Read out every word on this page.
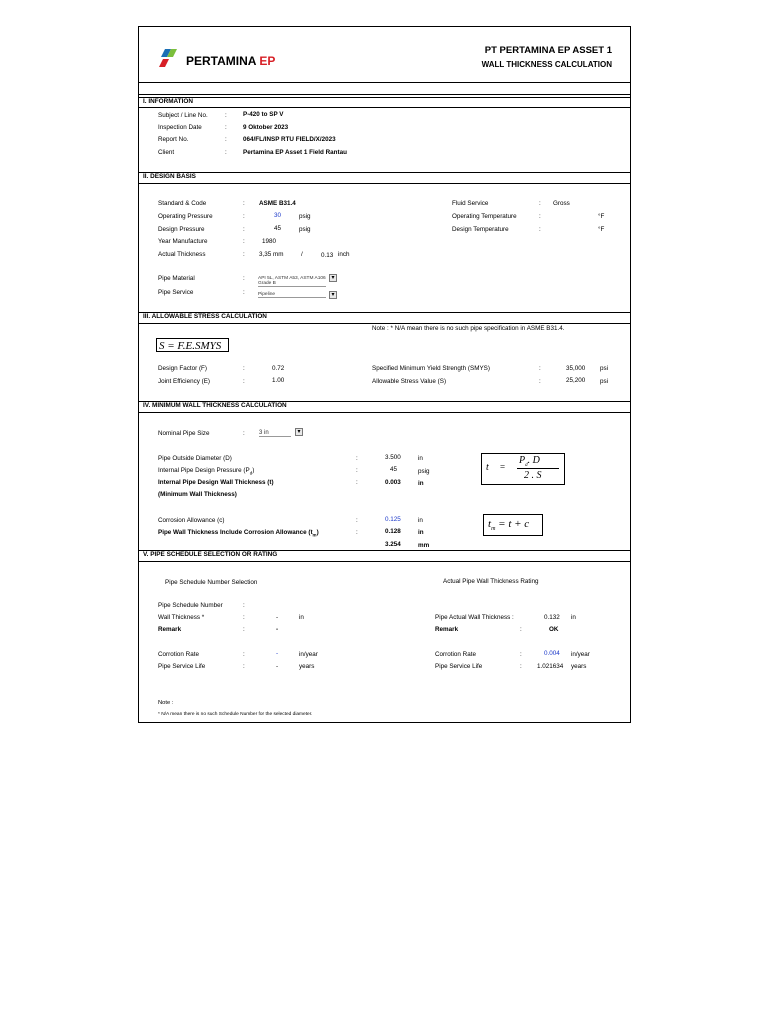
PERTAMINA EP
PT PERTAMINA EP ASSET 1
WALL THICKNESS CALCULATION
I. INFORMATION
Subject / Line No.	:	P-420 to SP V
Inspection Date	:	9 Oktober 2023
Report No.	:	064/FL/INSP RTU FIELD/X/2023
Client	:	Pertamina EP Asset 1 Field Rantau
II. DESIGN BASIS
Standard & Code	: ASME B31.4
Operating Pressure	:	30	psig
Design Pressure	:	45	psig
Year Manufacture	:	1980
Actual Thickness	: 3,35 mm	/	0.13 inch
Fluid Service	: Gross
Operating Temperature	:	°F
Design Temperature	:	°F
Pipe Material	:	API 5L, ASTM A53, ASTM A106 Grade B
▾
Pipe Service	:	Pipeline	▾
III. ALLOWABLE STRESS CALCULATION
Note : * N/A mean there is no such pipe specification in ASME B31.4.
S = F.E.SMYS
Design Factor (F)	:	0.72
Joint Efficiency (E)	:	1.00
Specified Minimum Yield Strength (SMYS)	:	35,000 psi
Allowable Stress Value (S)	:	25,200 psi
IV. MINIMUM WALL THICKNESS CALCULATION
Nominal Pipe Size	: 3 in	▾
Pipe Outside Diameter (D)	:	3.500	in
Internal Pipe Design Pressure $(P_d)$	:	45	psig
Internal Pipe Design Wall Thickness (t)	:	0.003	in
(Minimum Wall Thickness)
t =
$P_d$. D
2 . S
Corrosion Allowance (c)	:	0.125	in
Pipe Wall Thickness Include Corrosion Allowance $(t_m)$	:	0.128	in
3.254	mm
$t_m = t + c$
V. PIPE SCHEDULE SELECTION OR RATING
Pipe Schedule Number Selection	Actual Pipe Wall Thickness Rating
Pipe Schedule Number	:
Wall Thickness *	:	-	in
Remark	:	-
Corrotion Rate	:	-	in/year
Pipe Service Life	:	-	years
Pipe Actual Wall Thickness :	0.132 in
Remark	:	OK
Corrotion Rate	:	0.004 in/year
Pipe Service Life	: 1.021634 years
Note :
* N/A mean there is no such Schedule Number for the selected diameter.
